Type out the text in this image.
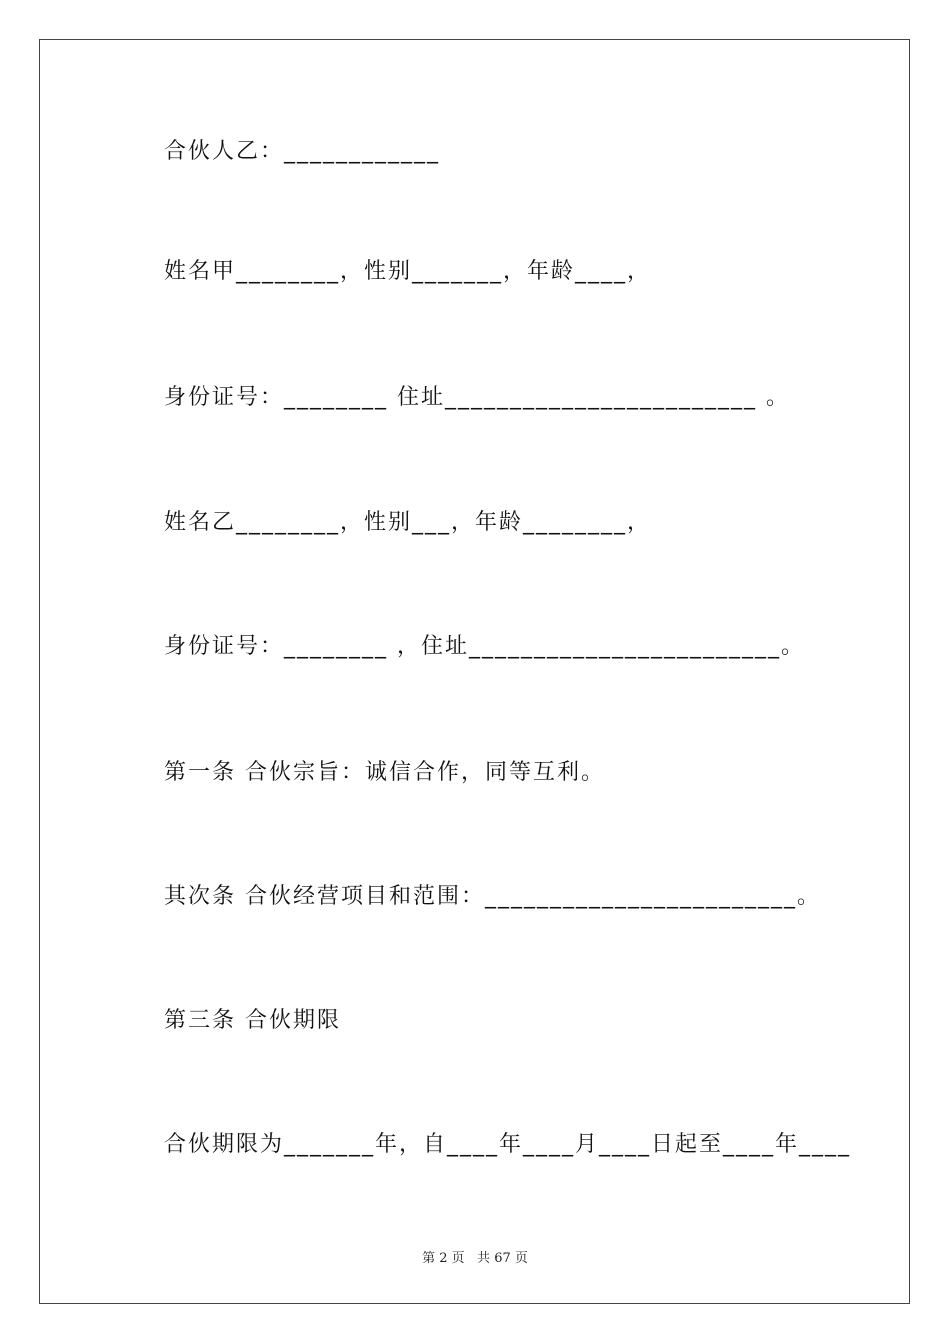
合伙人乙：____________
姓名甲________，性别_______，年龄____，
身份证号：________ 住址________________________ 。
姓名乙________，性别___，年龄________，
身份证号：________ ，住址________________________。
第一条 合伙宗旨：诚信合作，同等互利。
其次条 合伙经营项目和范围：________________________。
第三条 合伙期限
合伙期限为_______年，自____年____月____日起至____年____
第 2 页   共 67 页
